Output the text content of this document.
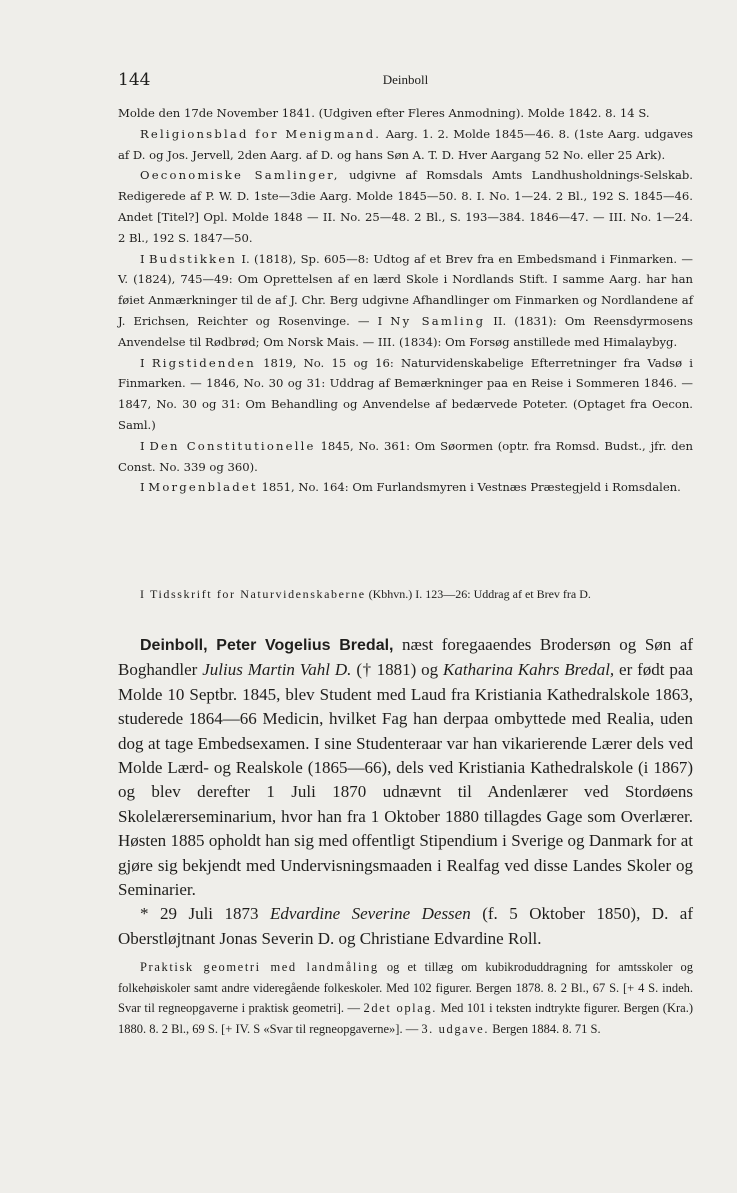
144	Deinboll

Molde den 17de November 1841. (Udgiven efter Fleres Anmodning). Molde 1842. 8. 14 S.

Religionsblad for Menigmand. Aarg. 1. 2. Molde 1845—46. 8. (1ste Aarg. udgaves af D. og Jos. Jervell, 2den Aarg. af D. og hans Søn A. T. D. Hver Aargang 52 No. eller 25 Ark).

Oeconomiske Samlinger, udgivne af Romsdals Amts Landhusholdnings-Selskab. Redigerede af P. W. D. 1ste—3die Aarg. Molde 1845—50. 8. I. No. 1—24. 2 Bl., 192 S. 1845—46. Andet [Titel?] Opl. Molde 1848 — II. No. 25—48. 2 Bl., S. 193—384. 1846—47. — III. No. 1—24. 2 Bl., 192 S. 1847—50.

I Budstikken I. (1818), Sp. 605—8: Udtog af et Brev fra en Embedsmand i Finmarken. — V. (1824), 745—49: Om Oprettelsen af en lærd Skole i Nordlands Stift. I samme Aarg. har han føiet Anmærkninger til de af J. Chr. Berg udgivne Afhandlinger om Finmarken og Nordlandene af J. Erichsen, Reichter og Rosenvinge. — I Ny Samling II. (1831): Om Reensdyrmosens Anvendelse til Rødbrød; Om Norsk Mais. — III. (1834): Om Forsøg anstillede med Himalaybyg.

I Rigstidenden 1819, No. 15 og 16: Naturvidenskabelige Efterretninger fra Vadsø i Finmarken. — 1846, No. 30 og 31: Uddrag af Bemærkninger paa en Reise i Sommeren 1846. — 1847, No. 30 og 31: Om Behandling og Anvendelse af bedærvede Poteter. (Optaget fra Oecon. Saml.)

I Den Constitutionelle 1845, No. 361: Om Søormen (optr. fra Romsd. Budst., jfr. den Const. No. 339 og 360).

I Morgenbladet 1851, No. 164: Om Furlandsmyren i Vestnæs Præstegjeld i Romsdalen.

I Tidsskrift for Naturvidenskaberne (Kbhvn.) I. 123—26: Uddrag af et Brev fra D.

Deinboll, Peter Vogelius Bredal, næst foregaaendes Brodersøn og Søn af Boghandler Julius Martin Vahl D. († 1881) og Katharina Kahrs Bredal, er født paa Molde 10 Septbr. 1845, blev Student med Laud fra Kristiania Kathedralskole 1863, studerede 1864—66 Medicin, hvilket Fag han derpaa ombyttede med Realia, uden dog at tage Embedsexamen. I sine Studenteraar var han vikarierende Lærer dels ved Molde Lærd- og Realskole (1865—66), dels ved Kristiania Kathedralskole (i 1867) og blev derefter 1 Juli 1870 udnævnt til Andenlærer ved Stordøens Skolelærerseminarium, hvor han fra 1 Oktober 1880 tillagdes Gage som Overlærer. Høsten 1885 opholdt han sig med offentligt Stipendium i Sverige og Danmark for at gjøre sig bekjendt med Undervisningsmaaden i Realfag ved disse Landes Skoler og Seminarier.

* 29 Juli 1873 Edvardine Severine Dessen (f. 5 Oktober 1850), D. af Oberstløjtnant Jonas Severin D. og Christiane Edvardine Roll.

Praktisk geometri med landmåling og et tillæg om kubikroduddragning for amtsskoler og folkehøiskoler samt andre videregående folkeskoler. Med 102 figurer. Bergen 1878. 8. 2 Bl., 67 S. [+ 4 S. indeh. Svar til regneopgaverne i praktisk geometri]. — 2det oplag. Med 101 i teksten indtrykte figurer. Bergen (Kra.) 1880. 8. 2 Bl., 69 S. [+ IV. S «Svar til regneopgaverne»]. — 3. udgave. Bergen 1884. 8. 71 S.
